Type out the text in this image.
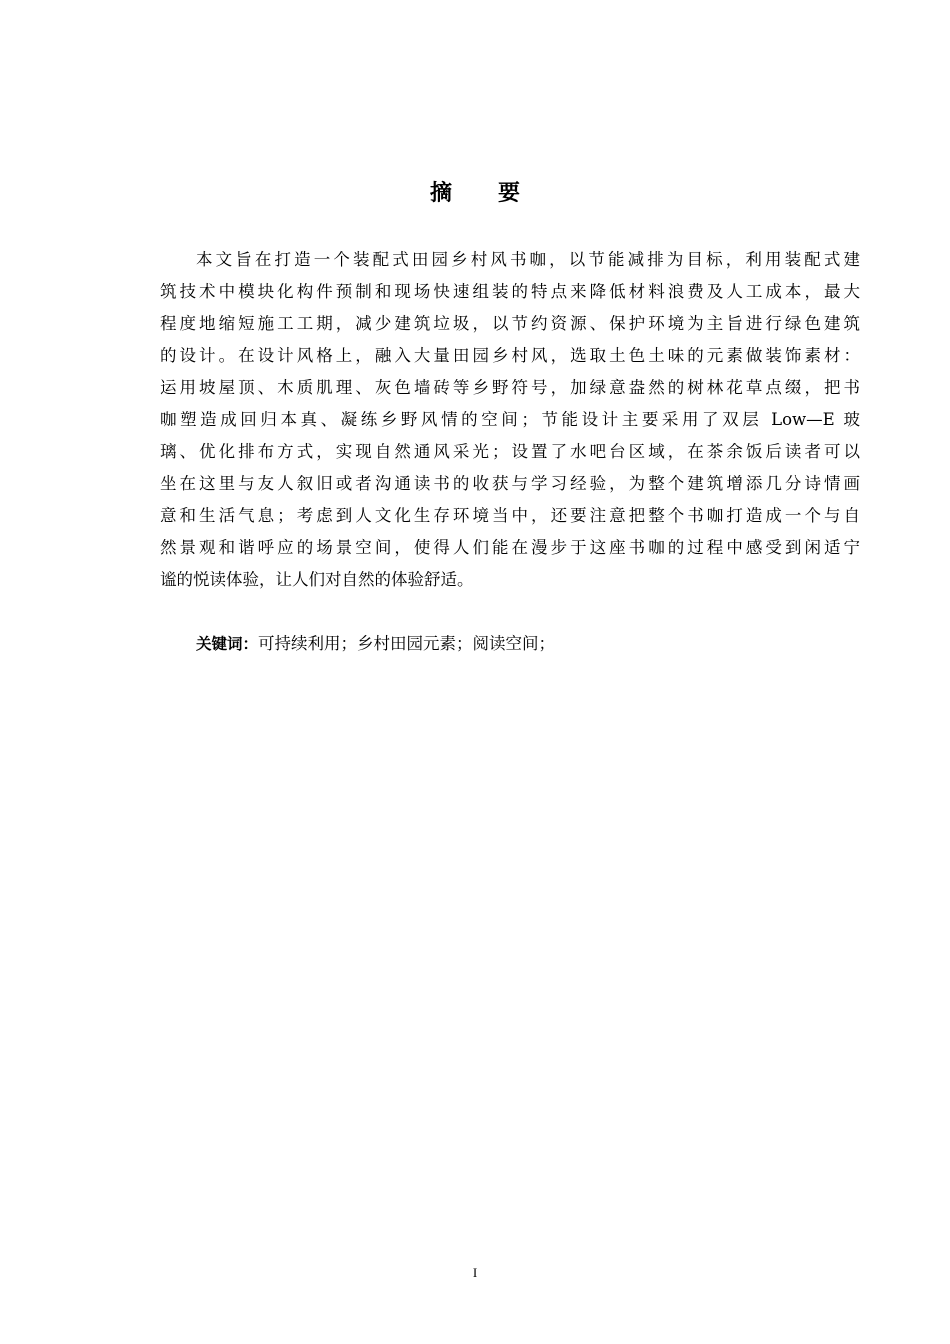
摘 要
本文旨在打造一个装配式田园乡村风书咖，以节能减排为目标，利用装配式建
筑技术中模块化构件预制和现场快速组装的特点来降低材料浪费及人工成本，最大
程度地缩短施工工期，减少建筑垃圾，以节约资源、保护环境为主旨进行绿色建筑
的设计。在设计风格上，融入大量田园乡村风，选取土色土味的元素做装饰素材：
运用坡屋顶、木质肌理、灰色墙砖等乡野符号，加绿意盎然的树林花草点缀，把书
咖塑造成回归本真、凝练乡野风情的空间；节能设计主要采用了双层 Low—E 玻
璃、优化排布方式，实现自然通风采光；设置了水吧台区域，在茶余饭后读者可以
坐在这里与友人叙旧或者沟通读书的收获与学习经验，为整个建筑增添几分诗情画
意和生活气息；考虑到人文化生存环境当中，还要注意把整个书咖打造成一个与自
然景观和谐呼应的场景空间，使得人们能在漫步于这座书咖的过程中感受到闲适宁
谧的悦读体验，让人们对自然的体验舒适。
关键词：可持续利用；乡村田园元素；阅读空间；
I
